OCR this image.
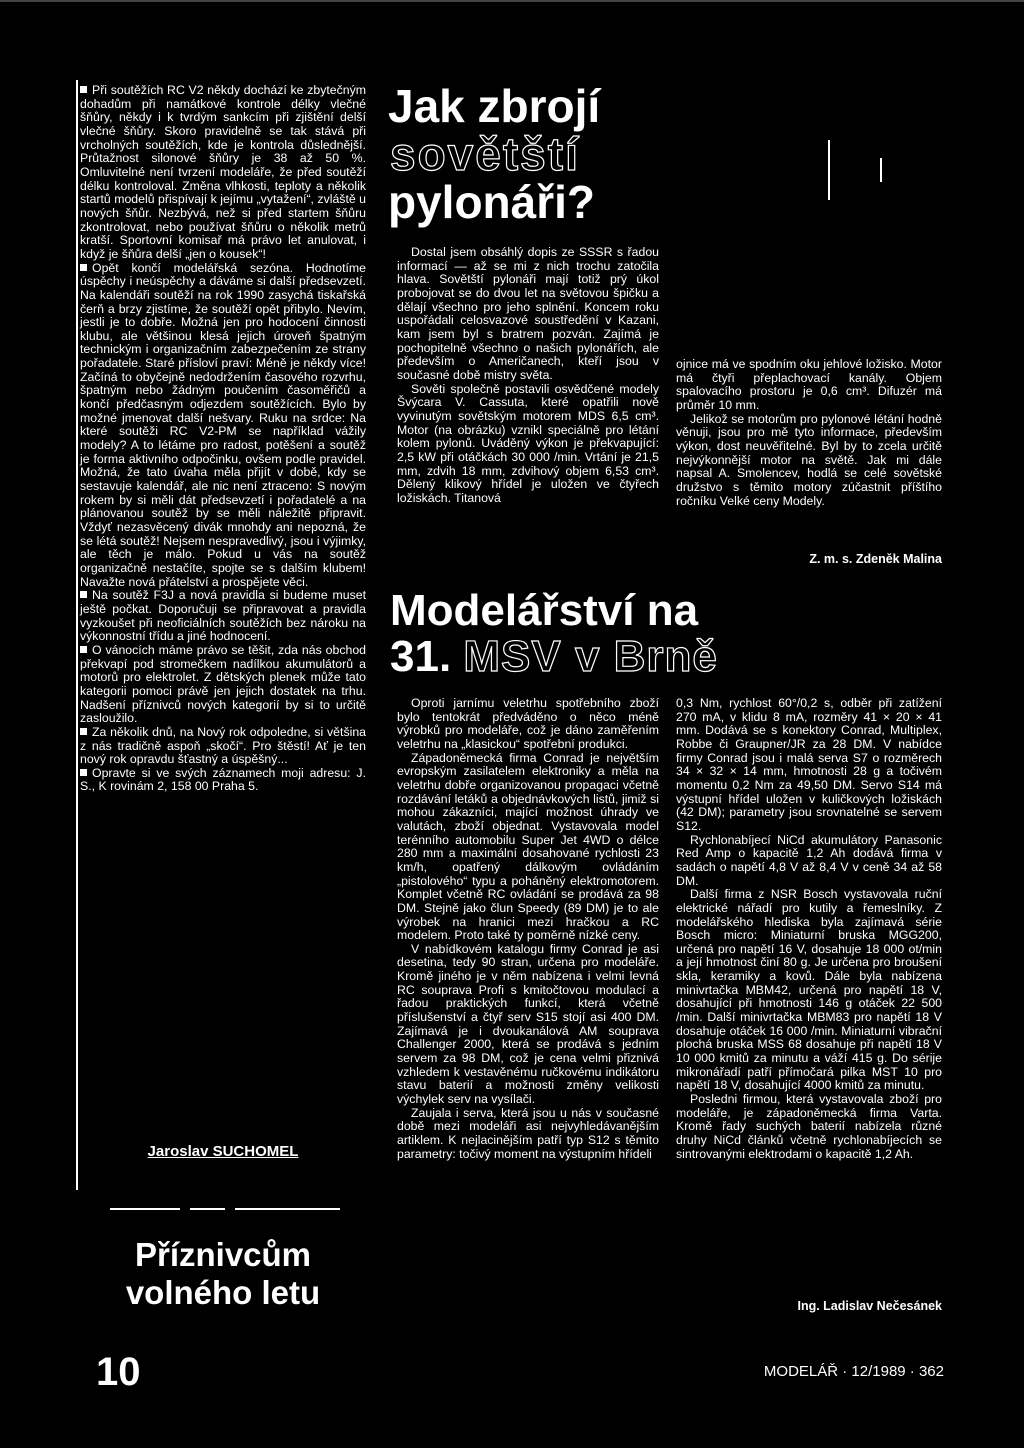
Při soutěžích RC V2 někdy dochází ke zbytečným dohadům při namátkové kontrole délky vlečné šňůry, někdy i k tvrdým sankcím při zjištění delší vlečné šňůry. Skoro pravidelně se tak stává při vrcholných soutěžích, kde je kontrola důslednější. Průtažnost silonové šňůry je 38 až 50 %. Omluvitelné není tvrzení modeláře, že před soutěží délku kontroloval. Změna vlhkosti, teploty a několik startů modelů přispívají k jejímu „vytažení“, zvláště u nových šňůr. Nezbývá, než si před startem šňůru zkontrolovat, nebo používat šňůru o několik metrů kratší. Sportovní komisař má právo let anulovat, i když je šňůra delší „jen o kousek“!

Opět končí modelářská sezóna. Hodnotíme úspěchy i neúspěchy a dáváme si další předsevzetí. Na kalendáři soutěží na rok 1990 zasychá tiskařská čerň a brzy zjistíme, že soutěží opět přibylo. Nevím, jestli je to dobře. Možná jen pro hodocení činnosti klubu, ale většinou klesá jejich úroveň špatným technickým i organizačním zabezpečením ze strany pořadatele. Staré přísloví praví: Méně je někdy více! Začíná to obyčejně nedodržením časového rozvrhu, špatným nebo žádným poučením časoměřičů a končí předčasným odjezdem soutěžících. Bylo by možné jmenovat další nešvary. Ruku na srdce: Na které soutěži RC V2-PM se například vážily modely? A to létáme pro radost, potěšení a soutěž je forma aktivního odpočinku, ovšem podle pravidel. Možná, že tato úvaha měla přijít v době, kdy se sestavuje kalendář, ale nic není ztraceno: S novým rokem by si měli dát předsevzetí i pořadatelé a na plánovanou soutěž by se měli náležitě připravit. Vždyť nezasvěcený divák mnohdy ani nepozná, že se létá soutěž! Nejsem nespravedlivý, jsou i výjimky, ale těch je málo. Pokud u vás na soutěž organizačně nestačíte, spojte se s dalším klubem! Navažte nová přátelství a prospějete věci.

Na soutěž F3J a nová pravidla si budeme muset ještě počkat. Doporučuji se připravovat a pravidla vyzkoušet při neoficiálních soutěžích bez nároku na výkonnostní třídu a jiné hodnocení.

O vánocích máme právo se těšit, zda nás obchod překvapí pod stromečkem nadílkou akumulátorů a motorů pro elektrolet. Z dětských plenek může tato kategorii pomoci právě jen jejich dostatek na trhu. Nadšení příznivců nových kategorií by si to určitě zasloužilo.

Za několik dnů, na Nový rok odpoledne, si většina z nás tradičně aspoň „skočí“. Pro štěstí! Ať je ten nový rok opravdu šťastný a úspěšný...

Opravte si ve svých záznamech moji adresu: J. S., K rovinám 2, 158 00 Praha 5.

Jaroslav SUCHOMEL
Příznivcům volného letu
Jak zbrojí
sovětští
pylonáři?

Dostal jsem obsáhlý dopis ze SSSR s řadou informací — až se mi z nich trochu zatočila hlava. Sovětští pylonáři mají totiž prý úkol probojovat se do dvou let na světovou špičku a dělají všechno pro jeho splnění. Koncem roku uspořádali celosvazové soustředění v Kazani, kam jsem byl s bratrem pozván. Zajímá je pochopitelně všechno o našich pylonářích, ale především o Američanech, kteří jsou v současné době mistry světa.

Sověti společně postavili osvědčené modely Švýcara V. Cassuta, které opatřili nově vyvinutým sovětským motorem MDS 6,5 cm³. Motor (na obrázku) vznikl speciálně pro létání kolem pylonů. Uváděný výkon je překvapující: 2,5 kW při otáčkách 30 000 /min. Vrtání je 21,5 mm, zdvih 18 mm, zdvihový objem 6,53 cm³. Dělený klikový hřídel je uložen ve čtyřech ložiskách. Titanová

ojnice má ve spodním oku jehlové ložisko. Motor má čtyři přeplachovací kanály. Objem spalovacího prostoru je 0,6 cm³. Difuzér má průměr 10 mm.

Jelikož se motorům pro pylonové létání hodně věnuji, jsou pro mě tyto informace, především výkon, dost neuvěřitelné. Byl by to zcela určitě nejvýkonnější motor na světě. Jak mi dále napsal A. Smolencev, hodlá se celé sovětské družstvo s těmito motory zúčastnit příštího ročníku Velké ceny Modely.

Z. m. s. Zdeněk Malina
Modelářství na
31. MSV v Brně

Oproti jarnímu veletrhu spotřebního zboží bylo tentokrát předváděno o něco méně výrobků pro modeláře, což je dáno zaměřením veletrhu na „klasickou“ spotřební produkci.

Západoněmecká firma Conrad je největším evropským zasilatelem elektroniky a měla na veletrhu dobře organizovanou propagaci včetně rozdávání letáků a objednávkových listů, jimiž si mohou zákazníci, mající možnost úhrady ve valutách, zboží objednat. Vystavovala model terénního automobilu Super Jet 4WD o délce 280 mm a maximální dosahované rychlosti 23 km/h, opatřený dálkovým ovládáním „pistolového“ typu a poháněný elektromotorem. Komplet včetně RC ovládání se prodává za 98 DM. Stejně jako člun Speedy (89 DM) je to ale výrobek na hranici mezi hračkou a RC modelem. Proto také ty poměrně nízké ceny.

V nabídkovém katalogu firmy Conrad je asi desetina, tedy 90 stran, určena pro modeláře. Kromě jiného je v něm nabízena i velmi levná RC souprava Profi s kmitočtovou modulací a řadou praktických funkcí, která včetně příslušenství a čtyř serv S15 stojí asi 400 DM. Zajímavá je i dvoukanálová AM souprava Challenger 2000, která se prodává s jedním servem za 98 DM, což je cena velmi přiznivá vzhledem k vestavěnému ručkovému indikátoru stavu baterií a možnosti změny velikosti výchylek serv na vysílači.

Zaujala i serva, která jsou u nás v současné době mezi modeláři asi nejvyhledávanějším artiklem. K nejlacinějším patří typ S12 s těmito parametry: točivý moment na výstupním hřídeli

0,3 Nm, rychlost 60°/0,2 s, odběr při zatížení 270 mA, v klidu 8 mA, rozměry 41 × 20 × 41 mm. Dodává se s konektory Conrad, Multiplex, Robbe či Graupner/JR za 28 DM. V nabídce firmy Conrad jsou i malá serva S7 o rozměrech 34 × 32 × 14 mm, hmotnosti 28 g a točivém momentu 0,2 Nm za 49,50 DM. Servo S14 má výstupní hřídel uložen v kuličkových ložiskách (42 DM); parametry jsou srovnatelné se servem S12.

Rychlonabíjecí NiCd akumulátory Panasonic Red Amp o kapacitě 1,2 Ah dodává firma v sadách o napětí 4,8 V až 8,4 V v ceně 34 až 58 DM.

Další firma z NSR Bosch vystavovala ruční elektrické nářadí pro kutily a řemeslníky. Z modelářského hlediska byla zajímavá série Bosch micro: Miniaturní bruska MGG200, určená pro napětí 16 V, dosahuje 18 000 ot/min a její hmotnost činí 80 g. Je určena pro broušení skla, keramiky a kovů. Dále byla nabízena minivrtačka MBM42, určená pro napětí 18 V, dosahující při hmotnosti 146 g otáček 22 500 /min. Další minivrtačka MBM83 pro napětí 18 V dosahuje otáček 16 000 /min. Miniaturní vibrační plochá bruska MSS 68 dosahuje při napětí 18 V 10 000 kmitů za minutu a váží 415 g. Do sérije mikronářadí patří přímočará pilka MST 10 pro napětí 18 V, dosahující 4000 kmitů za minutu.

Posledni firmou, která vystavovala zboží pro modeláře, je západoněmecká firma Varta. Kromě řady suchých baterií nabízela různé druhy NiCd článků včetně rychlonabíjecích se sintrovanými elektrodami o kapacitě 1,2 Ah.

Ing. Ladislav Nečesánek
10	MODELÁŘ · 12/1989 · 362
